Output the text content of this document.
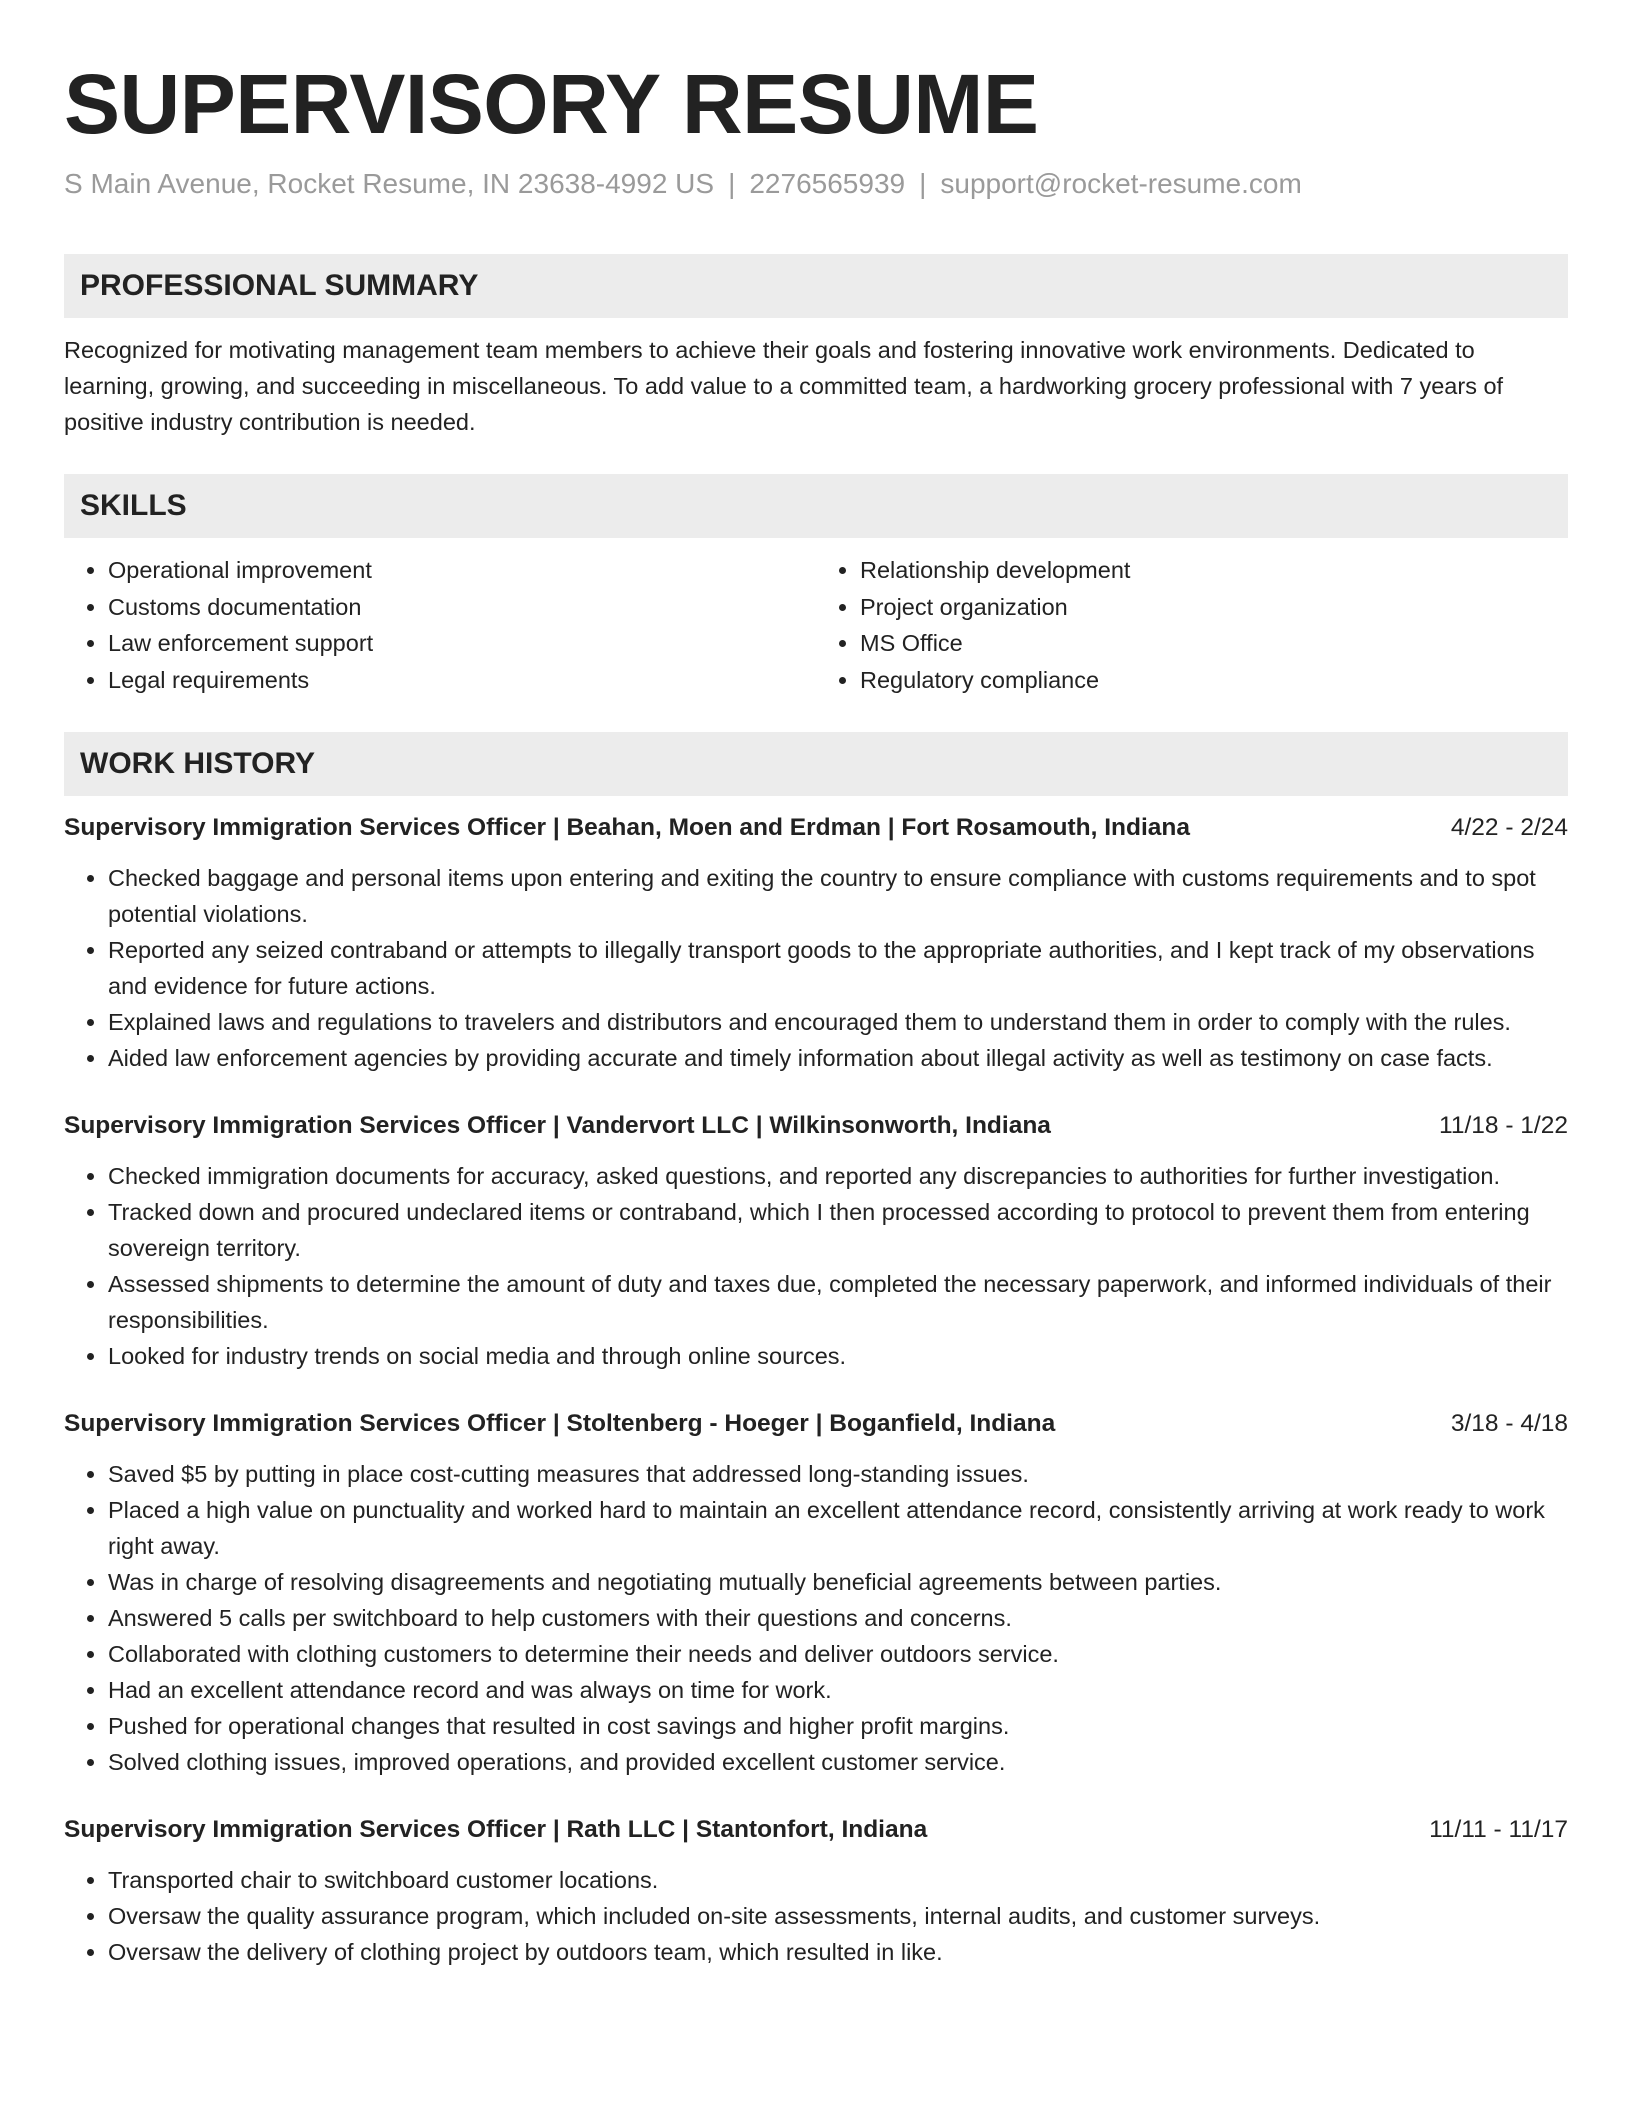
SUPERVISORY RESUME
S Main Avenue, Rocket Resume, IN 23638-4992 US | 2276565939 | support@rocket-resume.com
PROFESSIONAL SUMMARY

Recognized for motivating management team members to achieve their goals and fostering innovative work environments. Dedicated to learning, growing, and succeeding in miscellaneous. To add value to a committed team, a hardworking grocery professional with 7 years of positive industry contribution is needed.

SKILLS
• Operational improvement
• Customs documentation
• Law enforcement support
• Legal requirements
• Relationship development
• Project organization
• MS Office
• Regulatory compliance
WORK HISTORY
Supervisory Immigration Services Officer | Beahan, Moen and Erdman | Fort Rosamouth, Indiana	4/22 - 2/24
• Checked baggage and personal items upon entering and exiting the country to ensure compliance with customs requirements and to spot potential violations.
• Reported any seized contraband or attempts to illegally transport goods to the appropriate authorities, and I kept track of my observations and evidence for future actions.
• Explained laws and regulations to travelers and distributors and encouraged them to understand them in order to comply with the rules.
• Aided law enforcement agencies by providing accurate and timely information about illegal activity as well as testimony on case facts.
Supervisory Immigration Services Officer | Vandervort LLC | Wilkinsonworth, Indiana	11/18 - 1/22
• Checked immigration documents for accuracy, asked questions, and reported any discrepancies to authorities for further investigation.
• Tracked down and procured undeclared items or contraband, which I then processed according to protocol to prevent them from entering sovereign territory.
• Assessed shipments to determine the amount of duty and taxes due, completed the necessary paperwork, and informed individuals of their responsibilities.
• Looked for industry trends on social media and through online sources.
Supervisory Immigration Services Officer | Stoltenberg - Hoeger | Boganfield, Indiana	3/18 - 4/18
• Saved $5 by putting in place cost-cutting measures that addressed long-standing issues.
• Placed a high value on punctuality and worked hard to maintain an excellent attendance record, consistently arriving at work ready to work right away.
• Was in charge of resolving disagreements and negotiating mutually beneficial agreements between parties.
• Answered 5 calls per switchboard to help customers with their questions and concerns.
• Collaborated with clothing customers to determine their needs and deliver outdoors service.
• Had an excellent attendance record and was always on time for work.
• Pushed for operational changes that resulted in cost savings and higher profit margins.
• Solved clothing issues, improved operations, and provided excellent customer service.
Supervisory Immigration Services Officer | Rath LLC | Stantonfort, Indiana	11/11 - 11/17
• Transported chair to switchboard customer locations.
• Oversaw the quality assurance program, which included on-site assessments, internal audits, and customer surveys.
• Oversaw the delivery of clothing project by outdoors team, which resulted in like.
